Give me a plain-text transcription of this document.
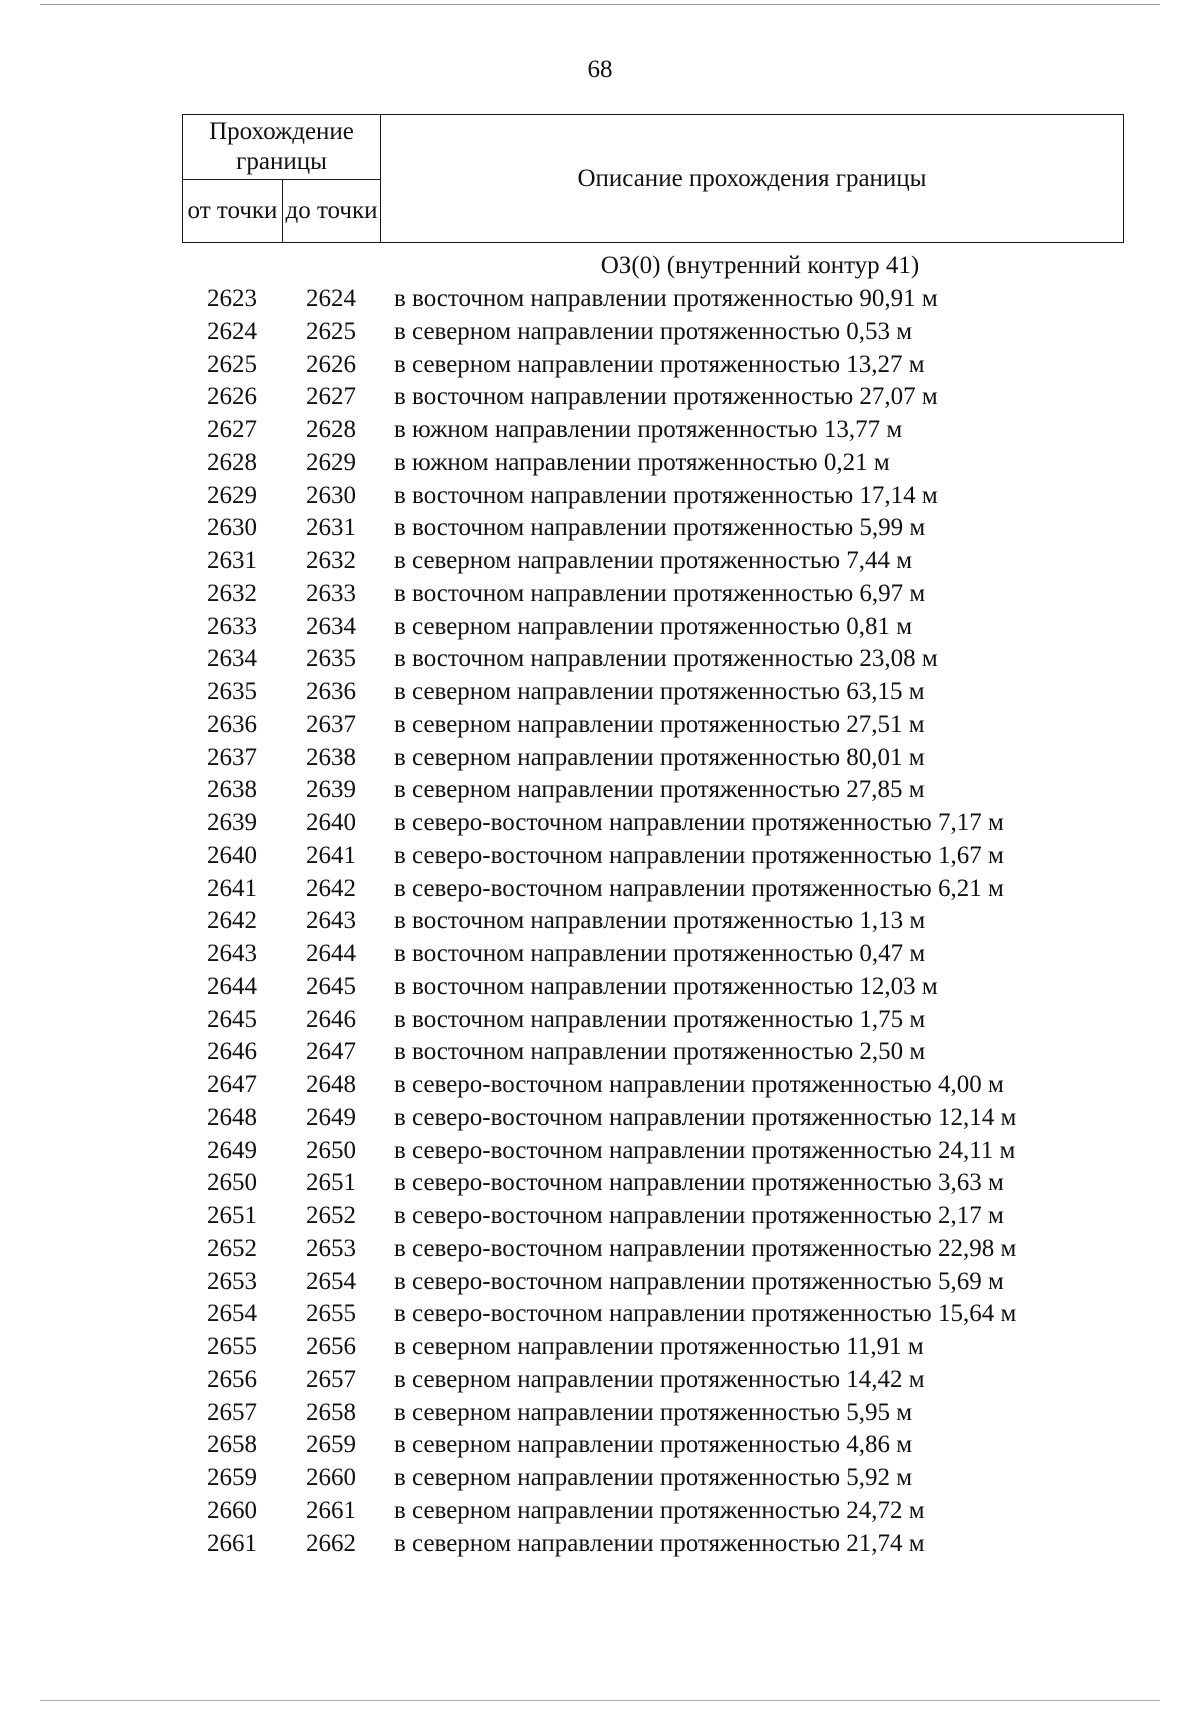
68
Прохождение границы		Описание прохождения границы
от точки	до точки	
ОЗ(0) (внутренний контур 41)
2623	2624	в восточном направлении протяженностью 90,91 м
2624	2625	в северном направлении протяженностью 0,53 м
2625	2626	в северном направлении протяженностью 13,27 м
2626	2627	в восточном направлении протяженностью 27,07 м
2627	2628	в южном направлении протяженностью 13,77 м
2628	2629	в южном направлении протяженностью 0,21 м
2629	2630	в восточном направлении протяженностью 17,14 м
2630	2631	в восточном направлении протяженностью 5,99 м
2631	2632	в северном направлении протяженностью 7,44 м
2632	2633	в восточном направлении протяженностью 6,97 м
2633	2634	в северном направлении протяженностью 0,81 м
2634	2635	в восточном направлении протяженностью 23,08 м
2635	2636	в северном направлении протяженностью 63,15 м
2636	2637	в северном направлении протяженностью 27,51 м
2637	2638	в северном направлении протяженностью 80,01 м
2638	2639	в северном направлении протяженностью 27,85 м
2639	2640	в северо-восточном направлении протяженностью 7,17 м
2640	2641	в северо-восточном направлении протяженностью 1,67 м
2641	2642	в северо-восточном направлении протяженностью 6,21 м
2642	2643	в восточном направлении протяженностью 1,13 м
2643	2644	в восточном направлении протяженностью 0,47 м
2644	2645	в восточном направлении протяженностью 12,03 м
2645	2646	в восточном направлении протяженностью 1,75 м
2646	2647	в восточном направлении протяженностью 2,50 м
2647	2648	в северо-восточном направлении протяженностью 4,00 м
2648	2649	в северо-восточном направлении протяженностью 12,14 м
2649	2650	в северо-восточном направлении протяженностью 24,11 м
2650	2651	в северо-восточном направлении протяженностью 3,63 м
2651	2652	в северо-восточном направлении протяженностью 2,17 м
2652	2653	в северо-восточном направлении протяженностью 22,98 м
2653	2654	в северо-восточном направлении протяженностью 5,69 м
2654	2655	в северо-восточном направлении протяженностью 15,64 м
2655	2656	в северном направлении протяженностью 11,91 м
2656	2657	в северном направлении протяженностью 14,42 м
2657	2658	в северном направлении протяженностью 5,95 м
2658	2659	в северном направлении протяженностью 4,86 м
2659	2660	в северном направлении протяженностью 5,92 м
2660	2661	в северном направлении протяженностью 24,72 м
2661	2662	в северном направлении протяженностью 21,74 м
